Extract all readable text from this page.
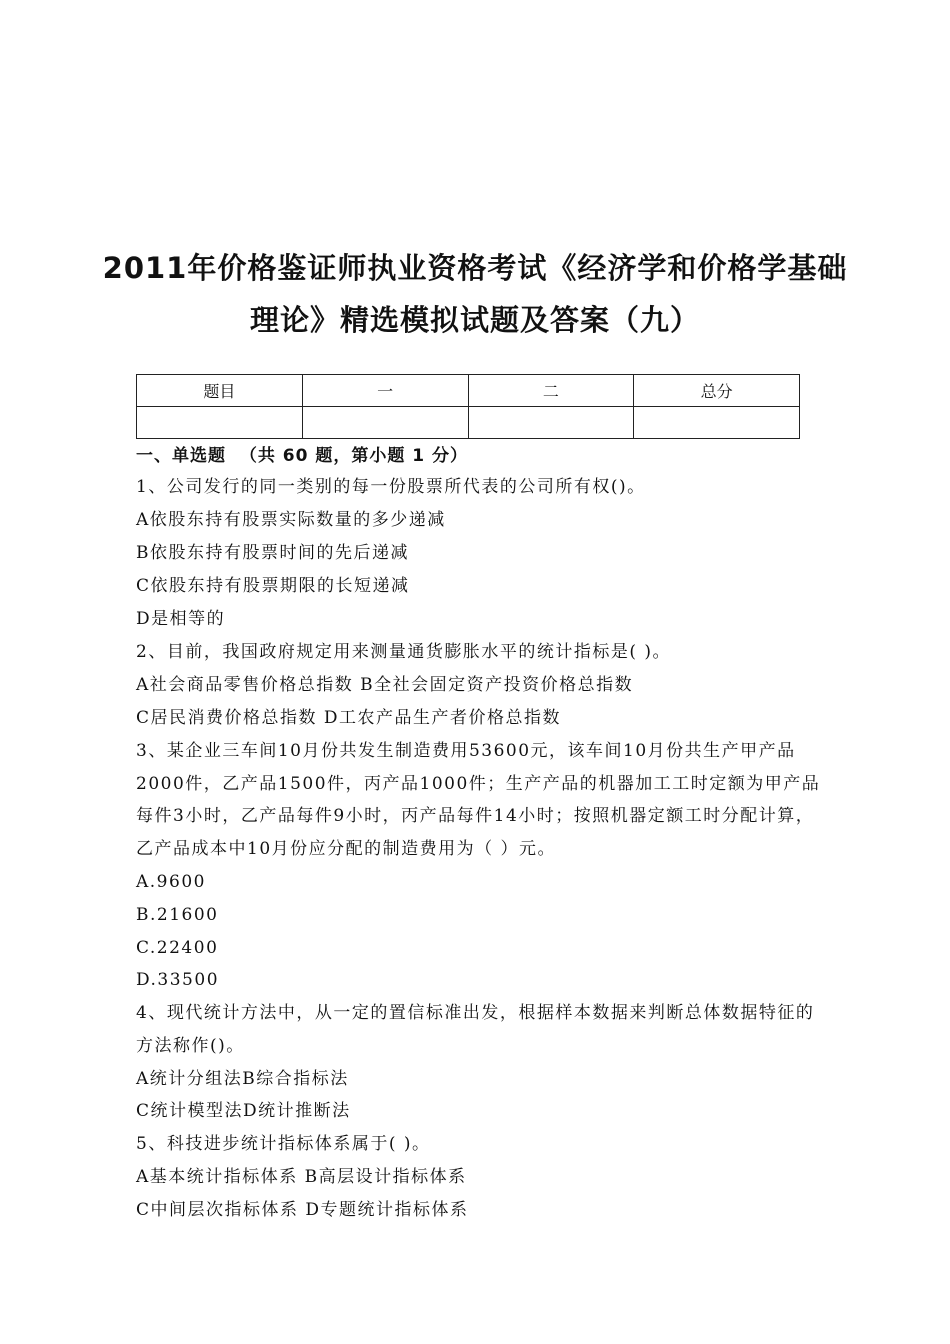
2011年价格鉴证师执业资格考试《经济学和价格学基础
理论》精选模拟试题及答案（九）
题目	一	二	总分

一、单选题  （共 60 题，第小题 1 分）
1、公司发行的同一类别的每一份股票所代表的公司所有权()。
A依股东持有股票实际数量的多少递减
B依股东持有股票时间的先后递减
C依股东持有股票期限的长短递减
D是相等的
2、目前，我国政府规定用来测量通货膨胀水平的统计指标是( )。
A社会商品零售价格总指数 B全社会固定资产投资价格总指数
C居民消费价格总指数 D工农产品生产者价格总指数
3、某企业三车间10月份共发生制造费用53600元，该车间10月份共生产甲产品
2000件，乙产品1500件，丙产品1000件；生产产品的机器加工工时定额为甲产品
每件3小时，乙产品每件9小时，丙产品每件14小时；按照机器定额工时分配计算，
乙产品成本中10月份应分配的制造费用为（ ）元。
A.9600
B.21600
C.22400
D.33500
4、现代统计方法中，从一定的置信标准出发，根据样本数据来判断总体数据特征的
方法称作()。
A统计分组法B综合指标法
C统计模型法D统计推断法
5、科技进步统计指标体系属于( )。
A基本统计指标体系 B高层设计指标体系
C中间层次指标体系 D专题统计指标体系
